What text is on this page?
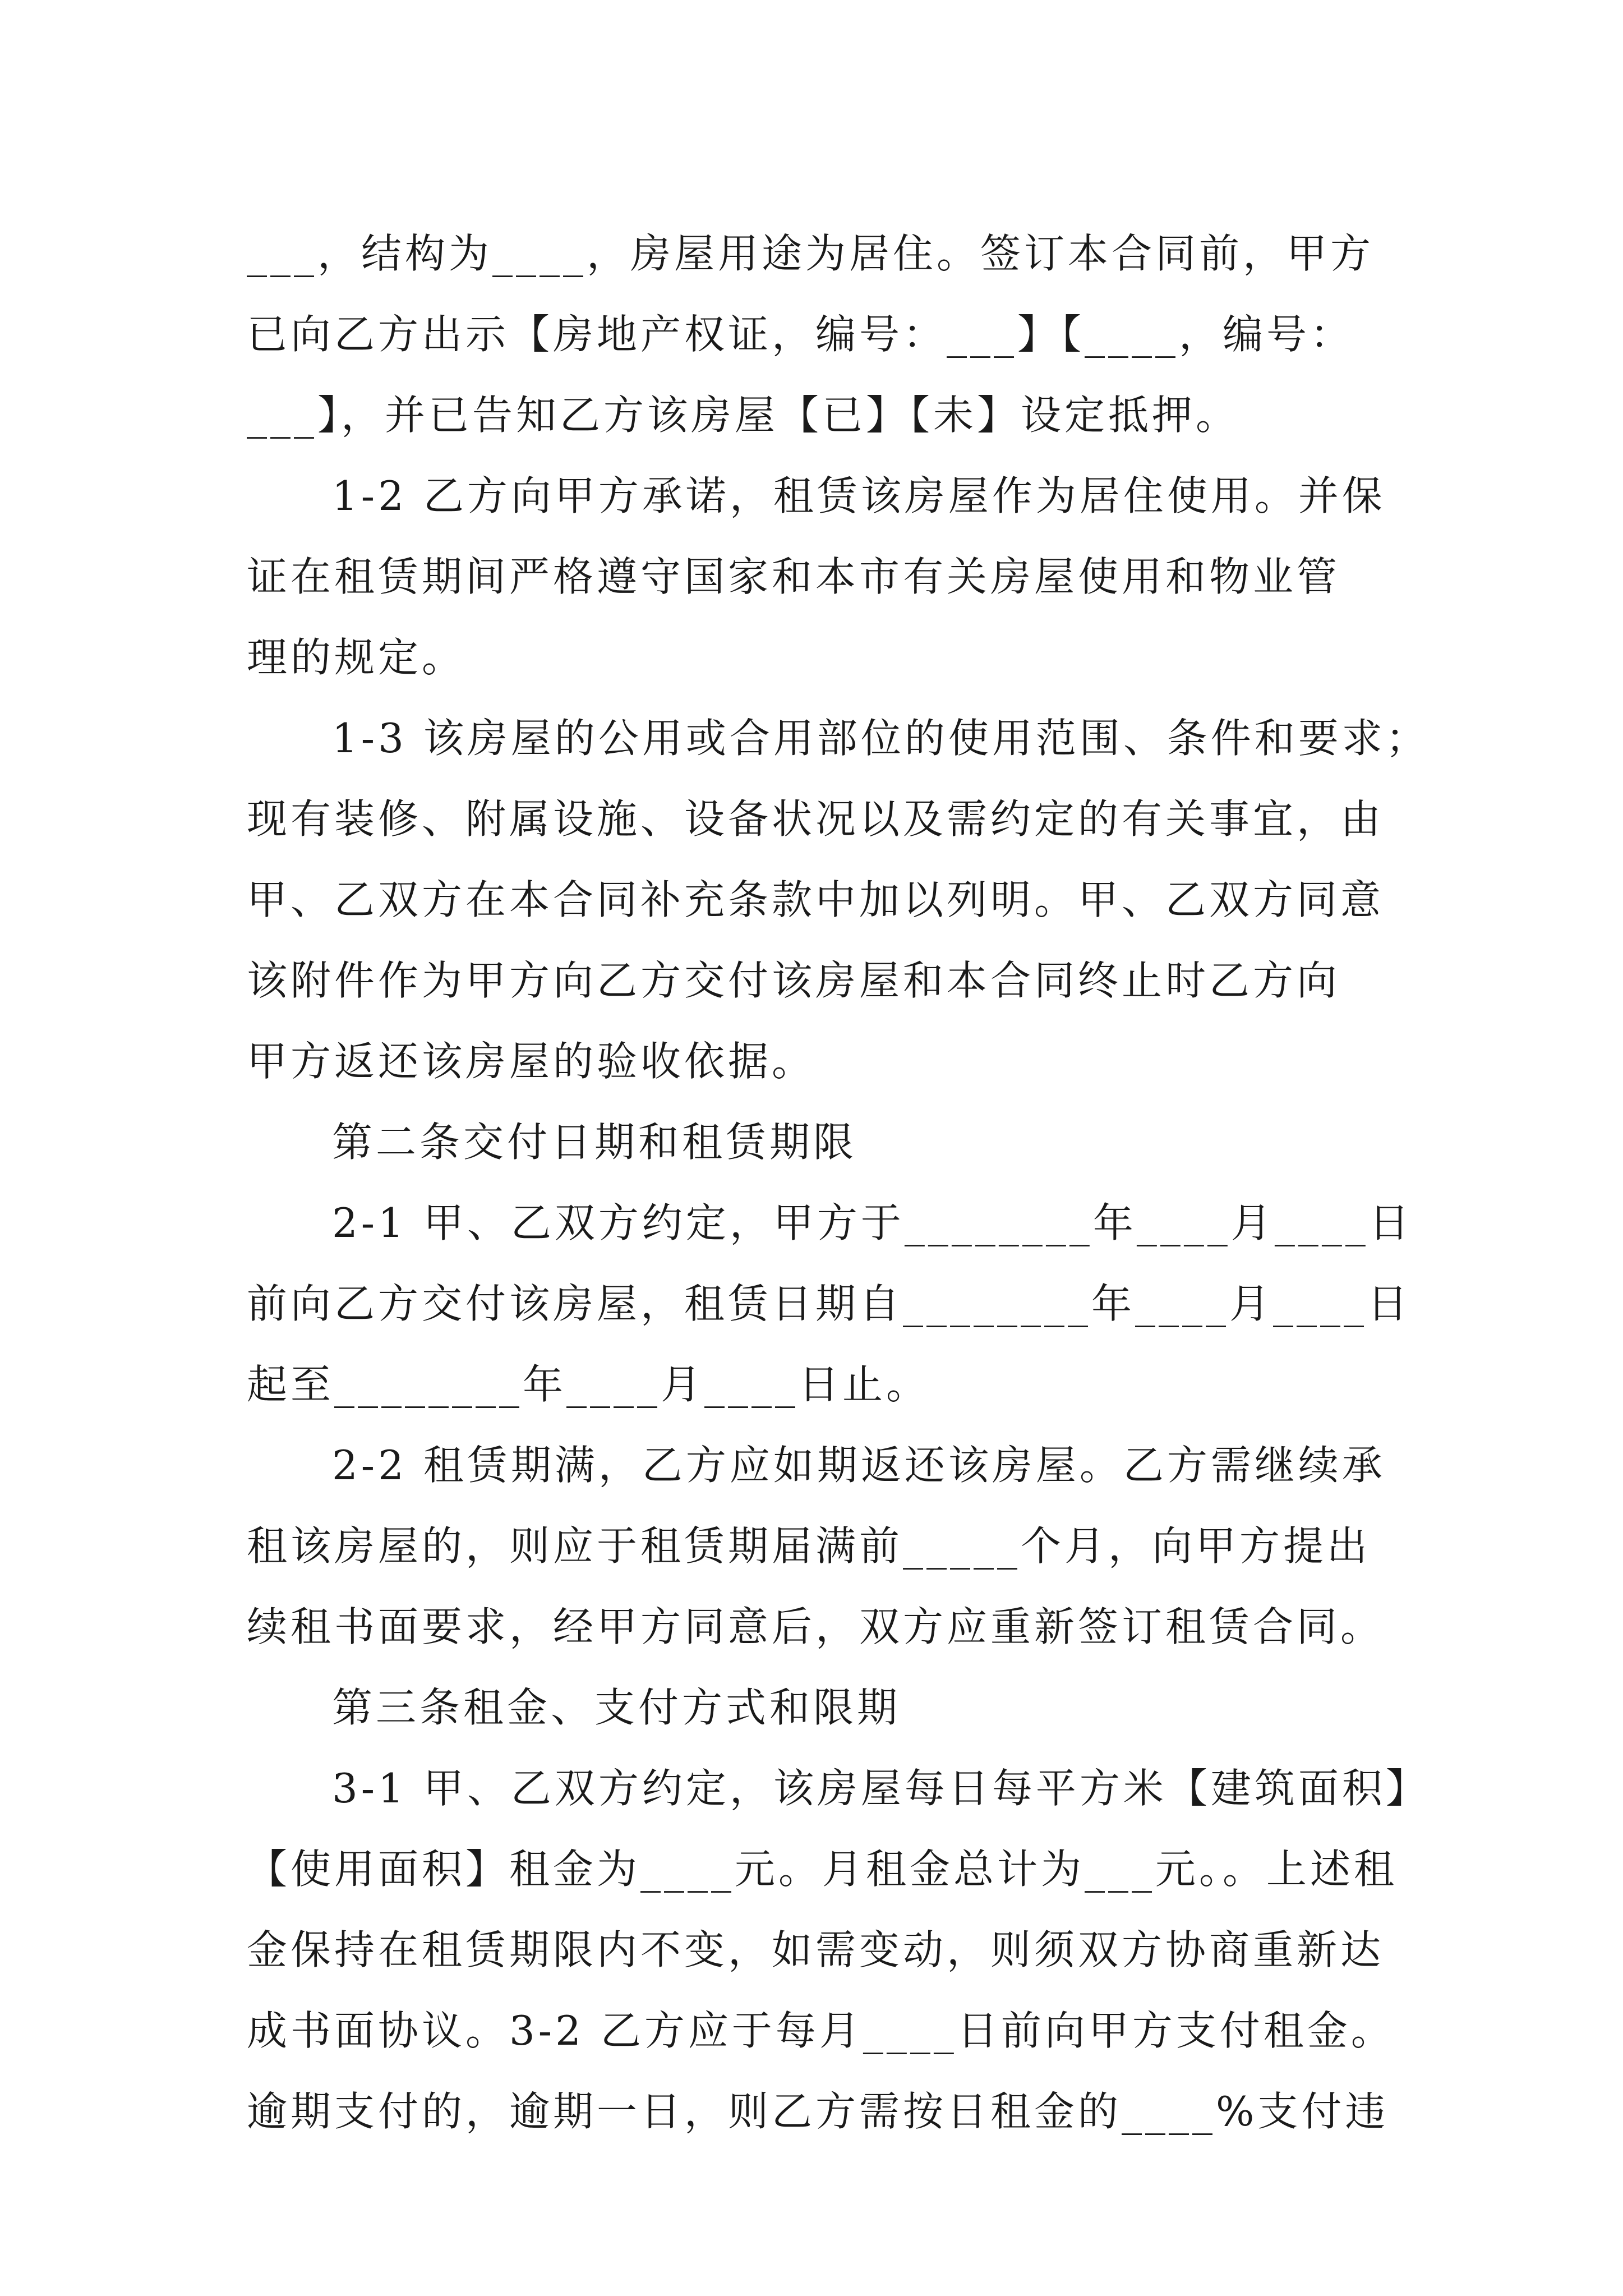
___，结构为____，房屋用途为居住。签订本合同前，甲方
已向乙方出示【房地产权证，编号：___】【____，编号：
___】，并已告知乙方该房屋【已】【未】设定抵押。
1-2 乙方向甲方承诺，租赁该房屋作为居住使用。并保
证在租赁期间严格遵守国家和本市有关房屋使用和物业管
理的规定。
1-3 该房屋的公用或合用部位的使用范围、条件和要求；
现有装修、附属设施、设备状况以及需约定的有关事宜，由
甲、乙双方在本合同补充条款中加以列明。甲、乙双方同意
该附件作为甲方向乙方交付该房屋和本合同终止时乙方向
甲方返还该房屋的验收依据。
第二条交付日期和租赁期限
2-1 甲、乙双方约定，甲方于________年____月____日
前向乙方交付该房屋，租赁日期自________年____月____日
起至________年____月____日止。
2-2 租赁期满，乙方应如期返还该房屋。乙方需继续承
租该房屋的，则应于租赁期届满前_____个月，向甲方提出
续租书面要求，经甲方同意后，双方应重新签订租赁合同。
第三条租金、支付方式和限期
3-1 甲、乙双方约定，该房屋每日每平方米【建筑面积】
【使用面积】租金为____元。月租金总计为___元。。上述租
金保持在租赁期限内不变，如需变动，则须双方协商重新达
成书面协议。3-2 乙方应于每月____日前向甲方支付租金。
逾期支付的，逾期一日，则乙方需按日租金的____%支付违
